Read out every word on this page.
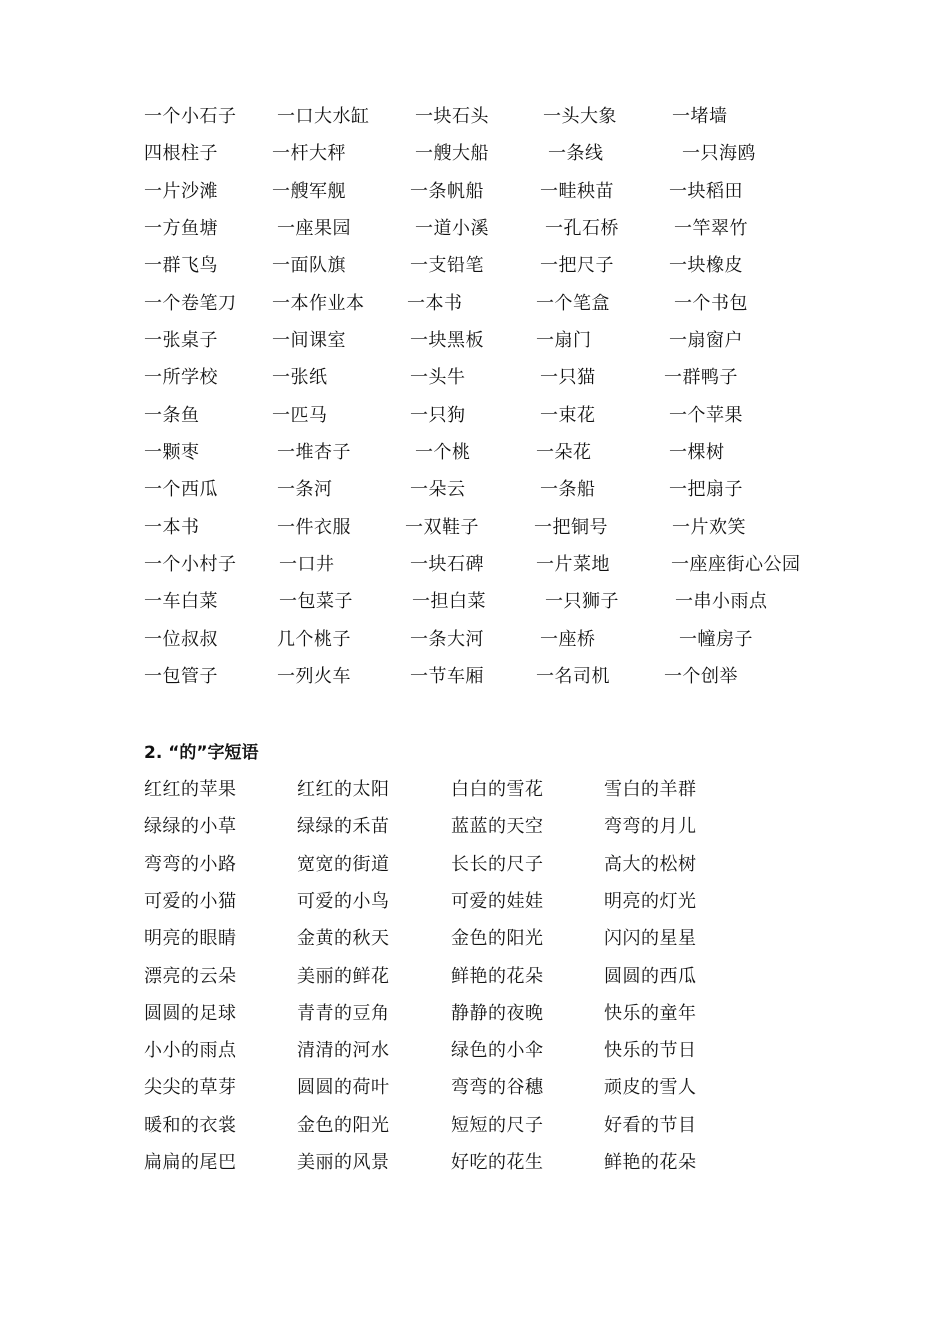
一个小石子 一口大水缸	一块石头	一头大象	一堵墙
四根柱子	一杆大秤	一艘大船	一条线	一只海鸥
一片沙滩	一艘军舰	一条帆船	一畦秧苗	一块稻田
一方鱼塘	一座果园	一道小溪	一孔石桥	一竿翠竹
一群飞鸟	一面队旗	一支铅笔	一把尺子	一块橡皮
一个卷笔刀 一本作业本 一本书	一个笔盒	一个书包
一张桌子	一间课室	一块黑板	一扇门	一扇窗户
一所学校	一张纸	一头牛	一只猫	一群鸭子
一条鱼	一匹马	一只狗	一束花	一个苹果
一颗枣	一堆杏子	一个桃	一朵花	一棵树
一个西瓜	一条河	一朵云	一条船	一把扇子
一本书	一件衣服	一双鞋子	一把铜号	一片欢笑
一个小村子 一口井	一块石碑	一片菜地	一座座街心公园
一车白菜	一包菜子	一担白菜	一只狮子	一串小雨点
一位叔叔	几个桃子	一条大河	一座桥	一幢房子
一包管子	一列火车	一节车厢	一名司机	一个创举
2. “的”字短语
红红的苹果	红红的太阳	白白的雪花	雪白的羊群
绿绿的小草	绿绿的禾苗	蓝蓝的天空	弯弯的月儿
弯弯的小路	宽宽的街道	长长的尺子	高大的松树
可爱的小猫	可爱的小鸟	可爱的娃娃	明亮的灯光
明亮的眼睛	金黄的秋天	金色的阳光	闪闪的星星
漂亮的云朵	美丽的鲜花	鲜艳的花朵	圆圆的西瓜
圆圆的足球	青青的豆角	静静的夜晚	快乐的童年
小小的雨点	清清的河水	绿色的小伞	快乐的节日
尖尖的草芽	圆圆的荷叶	弯弯的谷穗	顽皮的雪人
暖和的衣裳	金色的阳光	短短的尺子	好看的节目
扁扁的尾巴	美丽的风景	好吃的花生	鲜艳的花朵
